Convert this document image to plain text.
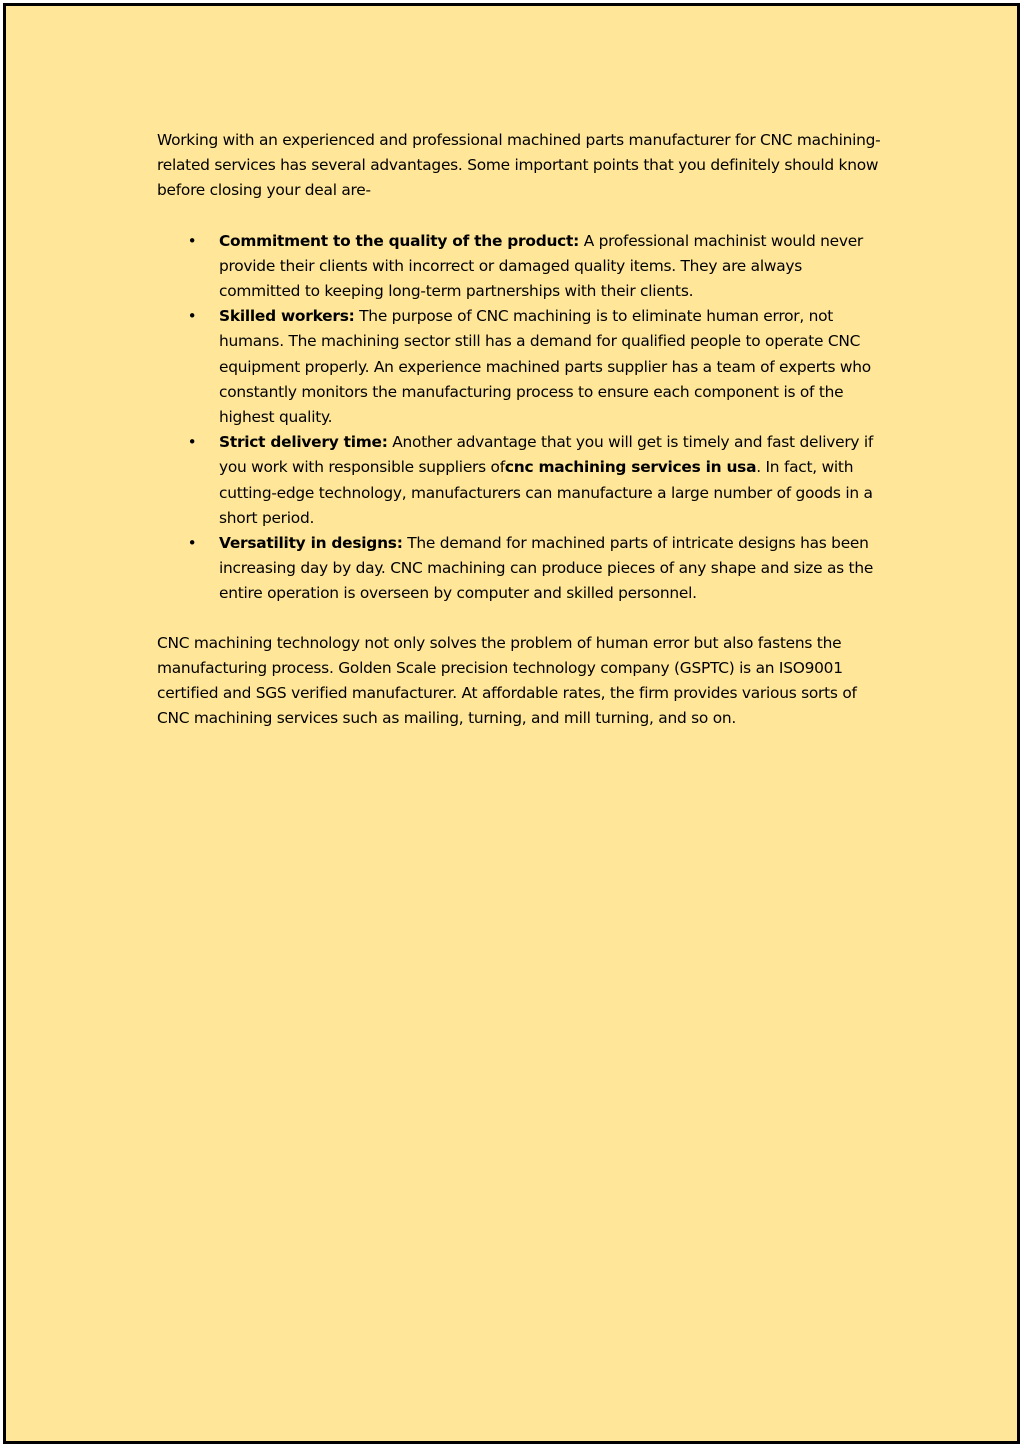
Working with an experienced and professional machined parts manufacturer for CNC machining-related services has several advantages. Some important points that you definitely should know before closing your deal are-

• Commitment to the quality of the product: A professional machinist would never provide their clients with incorrect or damaged quality items. They are always committed to keeping long-term partnerships with their clients.
• Skilled workers: The purpose of CNC machining is to eliminate human error, not humans. The machining sector still has a demand for qualified people to operate CNC equipment properly. An experience machined parts supplier has a team of experts who constantly monitors the manufacturing process to ensure each component is of the highest quality.
• Strict delivery time: Another advantage that you will get is timely and fast delivery if you work with responsible suppliers ofcnc machining services in usa. In fact, with cutting-edge technology, manufacturers can manufacture a large number of goods in a short period.
• Versatility in designs: The demand for machined parts of intricate designs has been increasing day by day. CNC machining can produce pieces of any shape and size as the entire operation is overseen by computer and skilled personnel.

CNC machining technology not only solves the problem of human error but also fastens the manufacturing process. Golden Scale precision technology company (GSPTC) is an ISO9001 certified and SGS verified manufacturer. At affordable rates, the firm provides various sorts of CNC machining services such as mailing, turning, and mill turning, and so on.
